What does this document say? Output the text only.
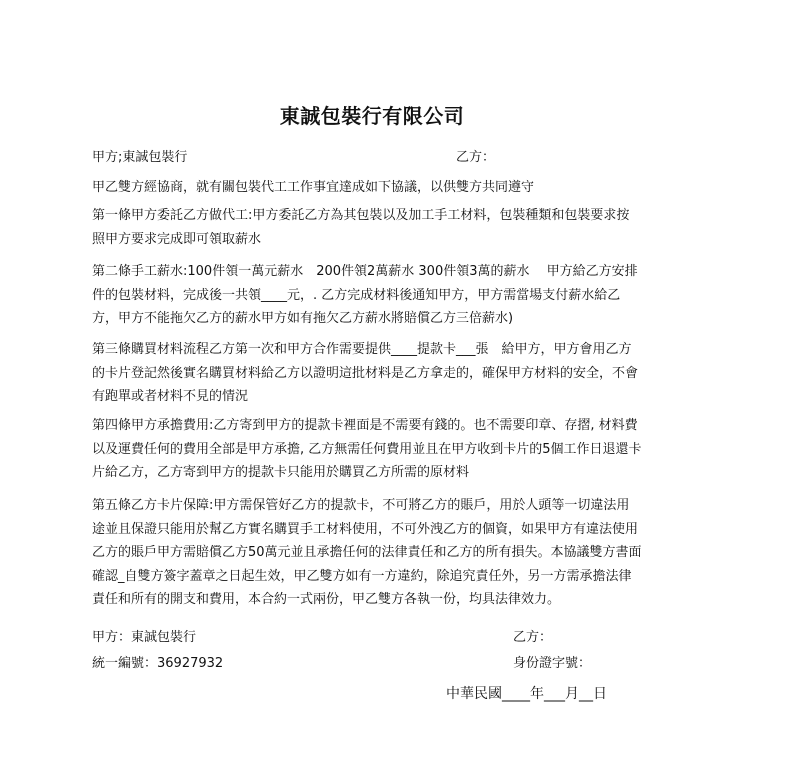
東誠包裝行有限公司
甲方;東誠包裝行	乙方：
甲乙雙方經協商，就有關包裝代工工作事宜達成如下協議，以供雙方共同遵守
第一條甲方委託乙方做代工:甲方委託乙方為其包裝以及加工手工材料，包裝種類和包裝要求按
照甲方要求完成即可領取薪水
第二條手工薪水:100件領一萬元薪水　200件領2萬薪水 300件領3萬的薪水　 甲方給乙方安排
件的包裝材料，完成後一共領____元，. 乙方完成材料後通知甲方，甲方需當場支付薪水給乙
方，甲方不能拖欠乙方的薪水甲方如有拖欠乙方薪水將賠償乙方三倍薪水)
第三條購買材料流程乙方第一次和甲方合作需要提供____提款卡___張　給甲方，甲方會用乙方
的卡片登記然後實名購買材料給乙方以證明這批材料是乙方拿走的，確保甲方材料的安全，不會
有跑單或者材料不見的情況
第四條甲方承擔費用:乙方寄到甲方的提款卡裡面是不需要有錢的。也不需要印章、存摺, 材料費
以及運費任何的費用全部是甲方承擔, 乙方無需任何費用並且在甲方收到卡片的5個工作日退還卡
片給乙方，乙方寄到甲方的提款卡只能用於購買乙方所需的原材料
第五條乙方卡片保障:甲方需保管好乙方的提款卡，不可將乙方的賬戶，用於人頭等一切違法用
途並且保證只能用於幫乙方實名購買手工材料使用，不可外洩乙方的個資，如果甲方有違法使用
乙方的賬戶甲方需賠償乙方50萬元並且承擔任何的法律責任和乙方的所有損失。本協議雙方書面
確認_自雙方簽字蓋章之日起生效，甲乙雙方如有一方違約，除追究責任外，另一方需承擔法律
責任和所有的開支和費用，本合約一式兩份，甲乙雙方各執一份，均具法律效力。
甲方：東誠包裝行	乙方：
統一編號：36927932	身份證字號：
中華民國____年___月__日
